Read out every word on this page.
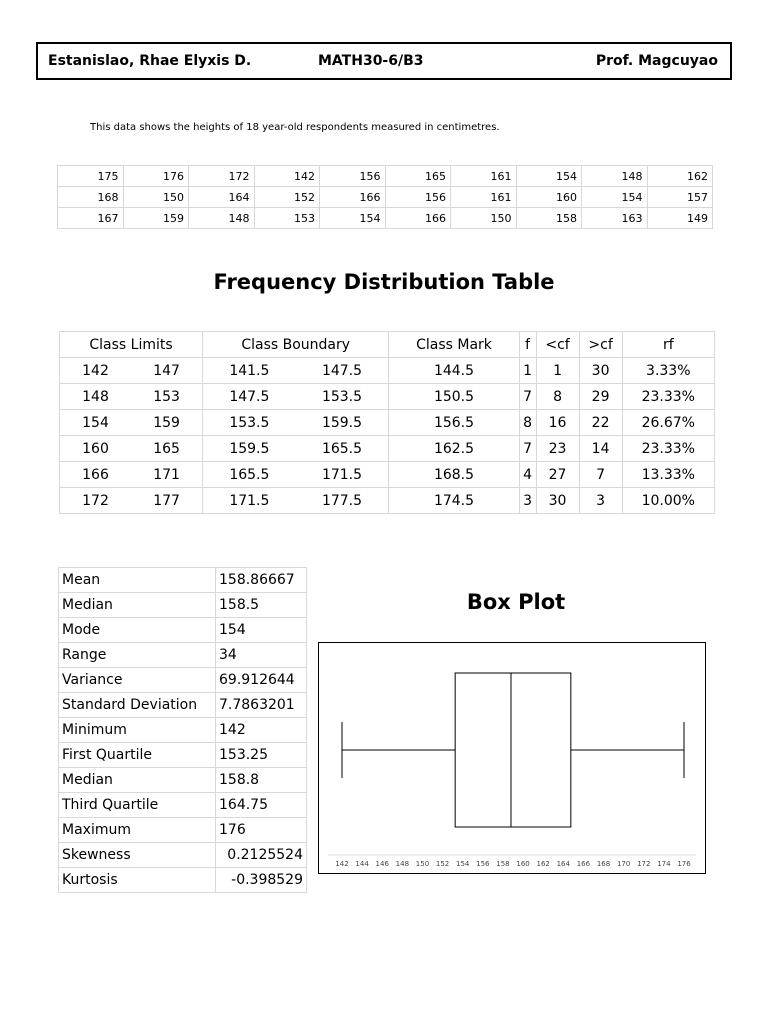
Estanislao, Rhae Elyxis D.	MATH30-6/B3	Prof. Magcuyao
This data shows the heights of 18 year-old respondents measured in centimetres.
175	176	172	142	156	165	161	154	148	162
168	150	164	152	166	156	161	160	154	157
167	159	148	153	154	166	150	158	163	149
Frequency Distribution Table
Class Limits		Class Boundary		Class Mark	f	<cf	>cf	rf
142	147	141.5	147.5	144.5	1	1	30	3.33%
148	153	147.5	153.5	150.5	7	8	29	23.33%
154	159	153.5	159.5	156.5	8	16	22	26.67%
160	165	159.5	165.5	162.5	7	23	14	23.33%
166	171	165.5	171.5	168.5	4	27	7	13.33%
172	177	171.5	177.5	174.5	3	30	3	10.00%
Mean	158.86667
Median	158.5
Mode	154
Range	34
Variance	69.912644
Standard Deviation	7.7863201
Minimum	142
First Quartile	153.25
Median	158.8
Third Quartile	164.75
Maximum	176
Skewness	0.2125524
Kurtosis	-0.398529
Box Plot
142 144 146 148 150 152 154 156 158 160 162 164 166 168 170 172 174 176
